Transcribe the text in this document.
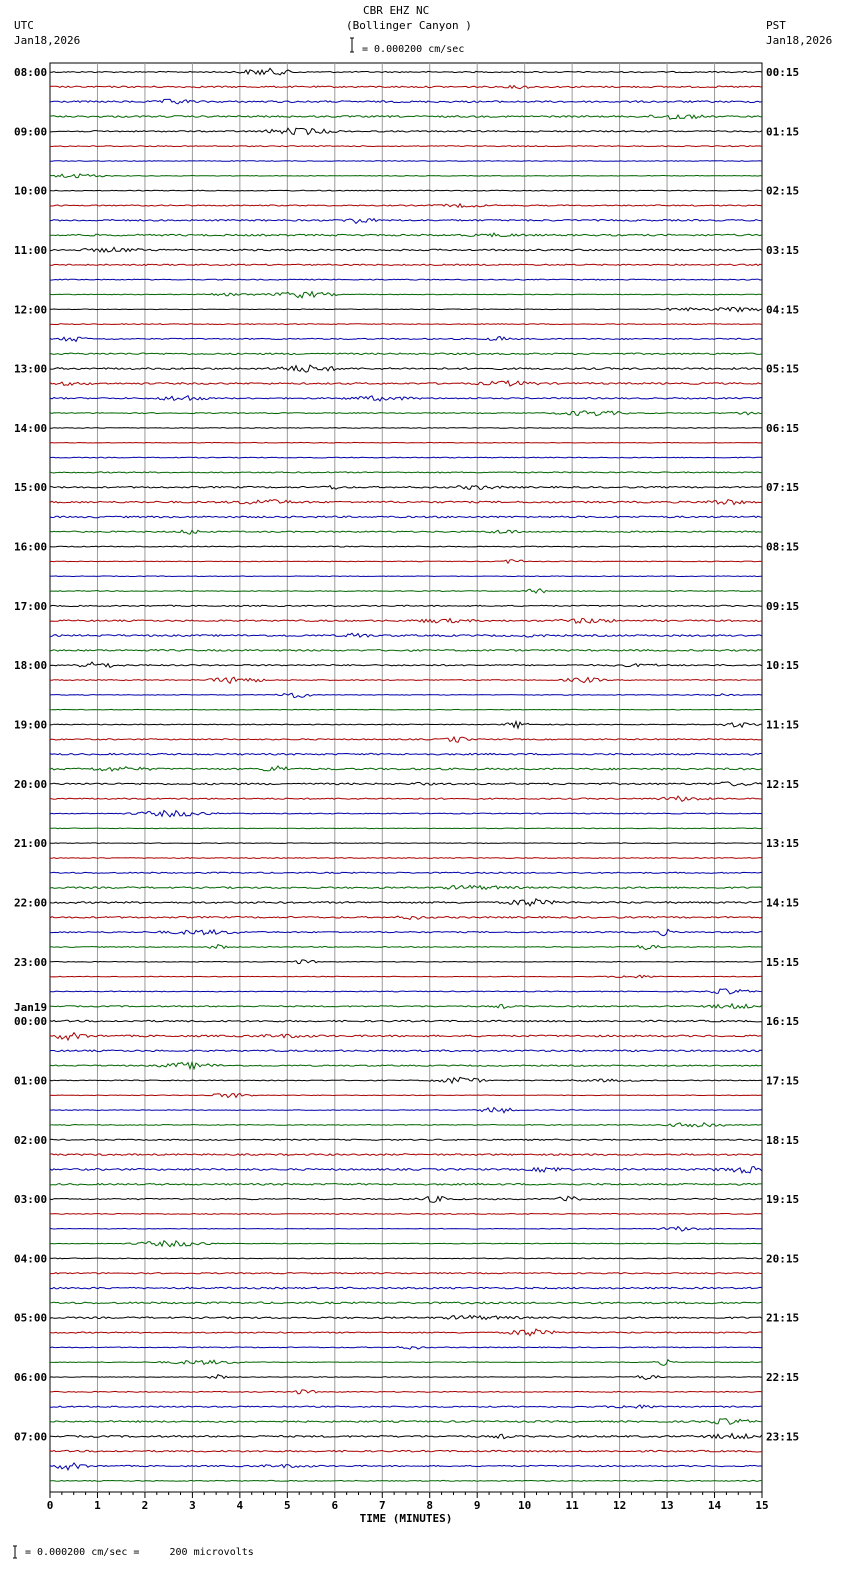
CBR EHZ NC
(Bollinger Canyon )
= 0.000200 cm/sec
UTC
Jan18,2026
PST
Jan18,2026
08:00
09:00
10:00
11:00
12:00
13:00
14:00
15:00
16:00
17:00
18:00
19:00
20:00
21:00
22:00
23:00
00:00
01:00
02:00
03:00
04:00
05:00
06:00
07:00
Jan19
00:15
01:15
02:15
03:15
04:15
05:15
06:15
07:15
08:15
09:15
10:15
11:15
12:15
13:15
14:15
15:15
16:15
17:15
18:15
19:15
20:15
21:15
22:15
23:15
0	1	2	3	4	5	6	7	8	9	10	11	12	13	14	15
TIME (MINUTES)
= 0.000200 cm/sec =     200 microvolts
